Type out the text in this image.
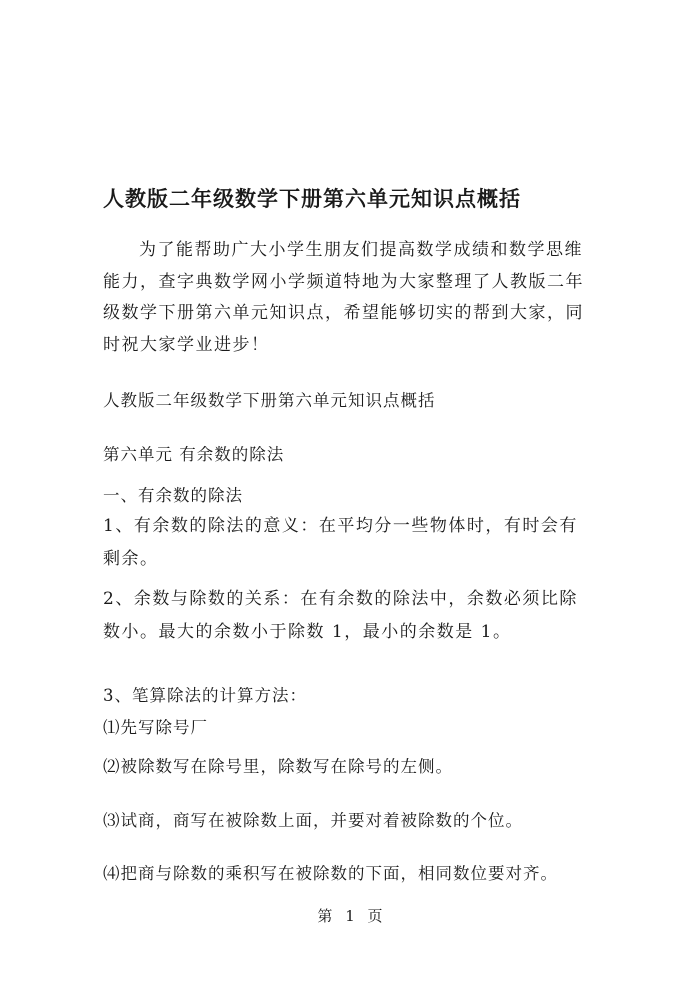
人教版二年级数学下册第六单元知识点概括
为了能帮助广大小学生朋友们提高数学成绩和数学思维能力，查字典数学网小学频道特地为大家整理了人教版二年级数学下册第六单元知识点，希望能够切实的帮到大家，同时祝大家学业进步！
人教版二年级数学下册第六单元知识点概括
第六单元 有余数的除法
一、有余数的除法
1、有余数的除法的意义：在平均分一些物体时，有时会有剩余。
2、余数与除数的关系：在有余数的除法中，余数必须比除数小。最大的余数小于除数 1，最小的余数是 1。
3、笔算除法的计算方法：
⑴先写除号厂
⑵被除数写在除号里，除数写在除号的左侧。
⑶试商，商写在被除数上面，并要对着被除数的个位。
⑷把商与除数的乘积写在被除数的下面，相同数位要对齐。
第 1 页
